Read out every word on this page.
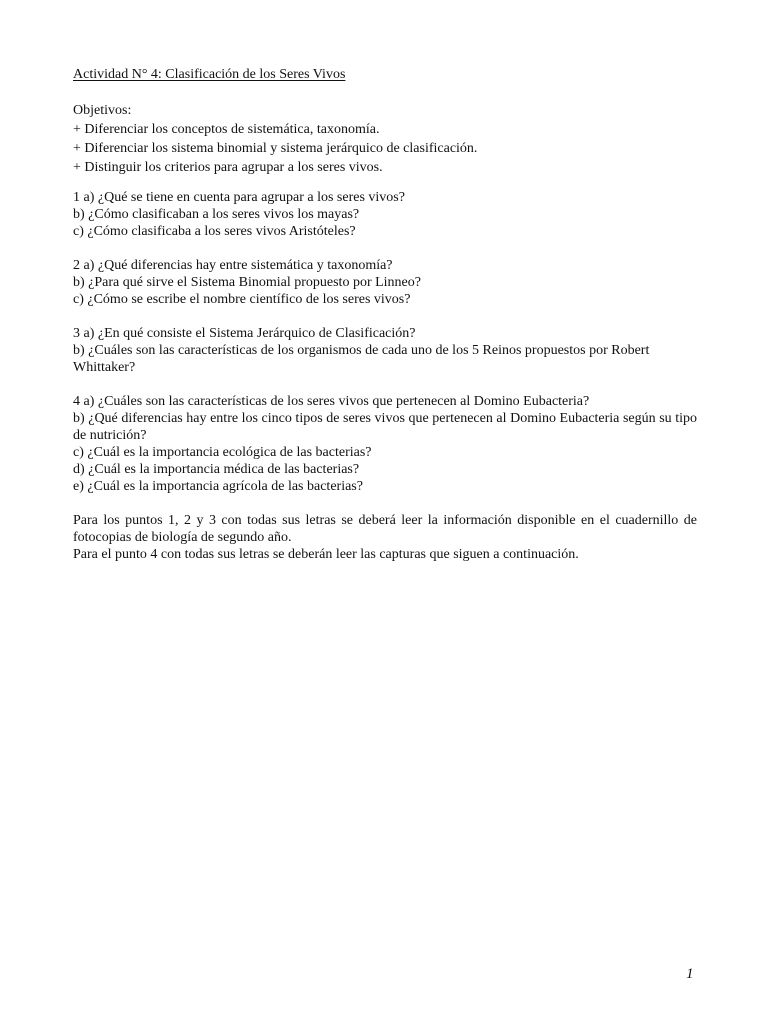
Actividad N° 4: Clasificación de los Seres Vivos
Objetivos:
+ Diferenciar los conceptos de sistemática, taxonomía.
+ Diferenciar los sistema binomial y sistema jerárquico de clasificación.
+ Distinguir los criterios para agrupar a los seres vivos.
1 a) ¿Qué se tiene en cuenta para agrupar a los seres vivos?
b) ¿Cómo clasificaban a los seres vivos los mayas?
c) ¿Cómo clasificaba a los seres vivos Aristóteles?
2 a) ¿Qué diferencias hay entre sistemática y taxonomía?
b) ¿Para qué sirve el Sistema Binomial propuesto por Linneo?
c) ¿Cómo se escribe el nombre científico de los seres vivos?
3 a) ¿En qué consiste el Sistema Jerárquico de Clasificación?
b) ¿Cuáles son las características de los organismos de cada uno de los 5 Reinos propuestos por Robert Whittaker?
4 a) ¿Cuáles son las características de los seres vivos que pertenecen al Domino Eubacteria?
b) ¿Qué diferencias hay entre los cinco tipos de seres vivos que pertenecen al Domino Eubacteria según su tipo de nutrición?
c) ¿Cuál es la importancia ecológica de las bacterias?
d) ¿Cuál es la importancia médica de las bacterias?
e) ¿Cuál es la importancia agrícola de las bacterias?
Para los puntos 1, 2 y 3 con todas sus letras se deberá leer la información disponible en el cuadernillo de fotocopias de biología de segundo año.
Para el punto 4 con todas sus letras se deberán leer las capturas que siguen a continuación.
1
